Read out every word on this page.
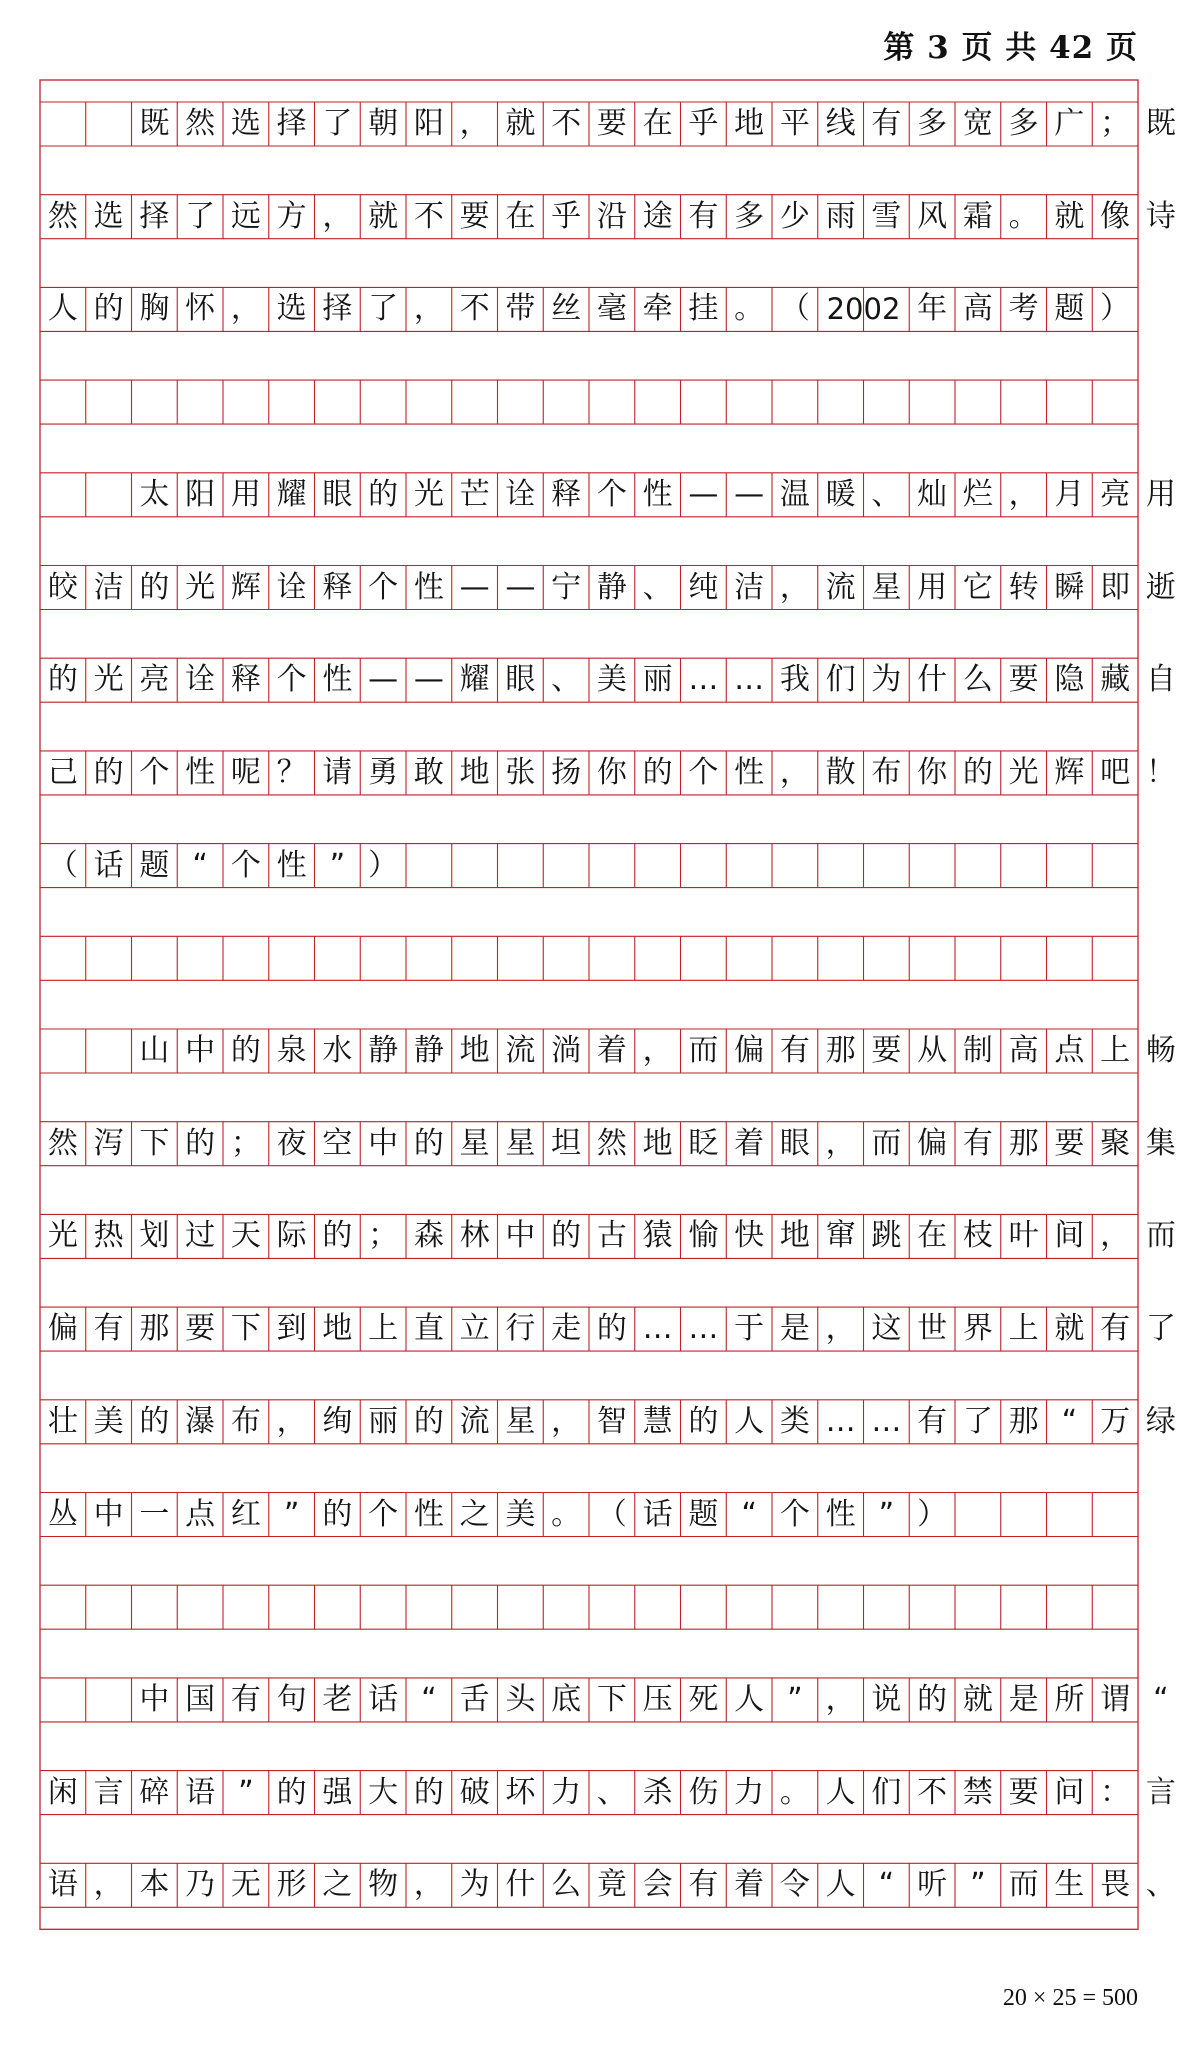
第 3 页 共 42 页
既 然 选 择 了 朝 阳 ， 就 不 要 在 乎 地 平 线 有 多 宽 多 广 ； 既
然 选 择 了 远 方 ， 就 不 要 在 乎 沿 途 有 多 少 雨 雪 风 霜 。 就 像 诗
人 的 胸 怀 ， 选 择 了 ， 不 带 丝 毫 牵 挂 。 （ 2002 年 高 考 题 ）
太 阳 用 耀 眼 的 光 芒 诠 释 个 性 — — 温 暖 、 灿 烂 ， 月 亮 用
皎 洁 的 光 辉 诠 释 个 性 — — 宁 静 、 纯 洁 ， 流 星 用 它 转 瞬 即 逝
的 光 亮 诠 释 个 性 — — 耀 眼 、 美 丽 … … 我 们 为 什 么 要 隐 藏 自
己 的 个 性 呢 ？ 请 勇 敢 地 张 扬 你 的 个 性 ， 散 布 你 的 光 辉 吧 ！
（ 话 题 “ 个 性 ” ）
山 中 的 泉 水 静 静 地 流 淌 着 ， 而 偏 有 那 要 从 制 高 点 上 畅
然 泻 下 的 ； 夜 空 中 的 星 星 坦 然 地 眨 着 眼 ， 而 偏 有 那 要 聚 集
光 热 划 过 天 际 的 ； 森 林 中 的 古 猿 愉 快 地 窜 跳 在 枝 叶 间 ， 而
偏 有 那 要 下 到 地 上 直 立 行 走 的 … … 于 是 ， 这 世 界 上 就 有 了
壮 美 的 瀑 布 ， 绚 丽 的 流 星 ， 智 慧 的 人 类 … … 有 了 那 “ 万 绿
丛 中 一 点 红 ” 的 个 性 之 美 。 （ 话 题 “ 个 性 ” ）
中 国 有 句 老 话 “ 舌 头 底 下 压 死 人 ” ， 说 的 就 是 所 谓 “
闲 言 碎 语 ” 的 强 大 的 破 坏 力 、 杀 伤 力 。 人 们 不 禁 要 问 ： 言
语 ， 本 乃 无 形 之 物 ， 为 什 么 竟 会 有 着 令 人 “ 听 ” 而 生 畏 、
20 × 25 = 500
